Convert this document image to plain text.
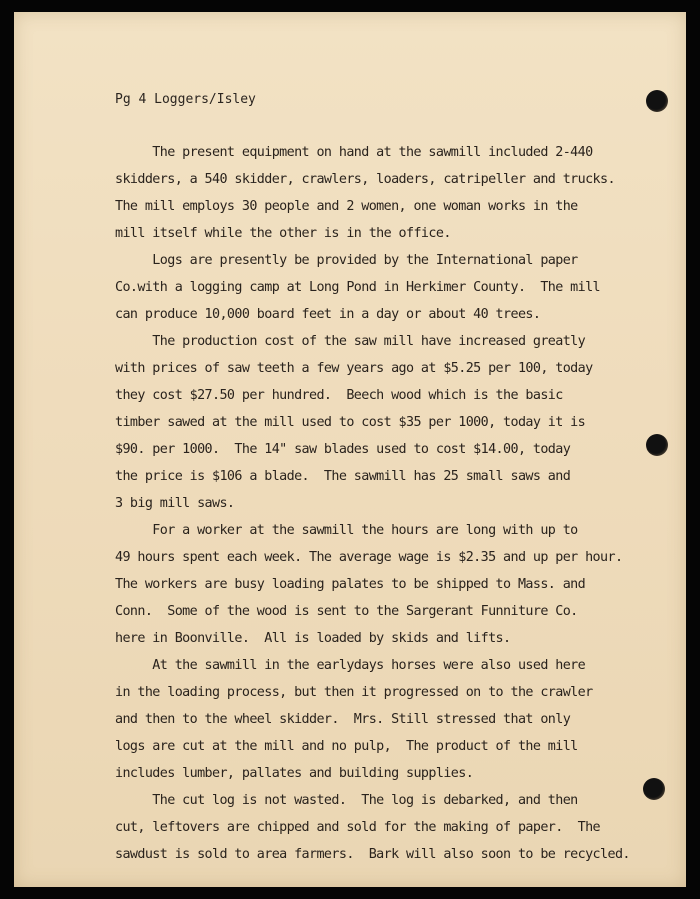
Pg 4 Loggers/Isley
The present equipment on hand at the sawmill included 2-440
skidders, a 540 skidder, crawlers, loaders, catripeller and trucks.
The mill employs 30 people and 2 women, one woman works in the
mill itself while the other is in the office.
Logs are presently be provided by the International paper
Co.with a logging camp at Long Pond in Herkimer County.  The mill
can produce 10,000 board feet in a day or about 40 trees.
The production cost of the saw mill have increased greatly
with prices of saw teeth a few years ago at $5.25 per 100, today
they cost $27.50 per hundred.  Beech wood which is the basic
timber sawed at the mill used to cost $35 per 1000, today it is
$90. per 1000.  The 14" saw blades used to cost $14.00, today
the price is $106 a blade.  The sawmill has 25 small saws and
3 big mill saws.
For a worker at the sawmill the hours are long with up to
49 hours spent each week. The average wage is $2.35 and up per hour.
The workers are busy loading palates to be shipped to Mass. and
Conn.  Some of the wood is sent to the Sargerant Funniture Co.
here in Boonville.  All is loaded by skids and lifts.
At the sawmill in the earlydays horses were also used here
in the loading process, but then it progressed on to the crawler
and then to the wheel skidder.  Mrs. Still stressed that only
logs are cut at the mill and no pulp,  The product of the mill
includes lumber, pallates and building supplies.
The cut log is not wasted.  The log is debarked, and then
cut, leftovers are chipped and sold for the making of paper.  The
sawdust is sold to area farmers.  Bark will also soon to be recycled.
